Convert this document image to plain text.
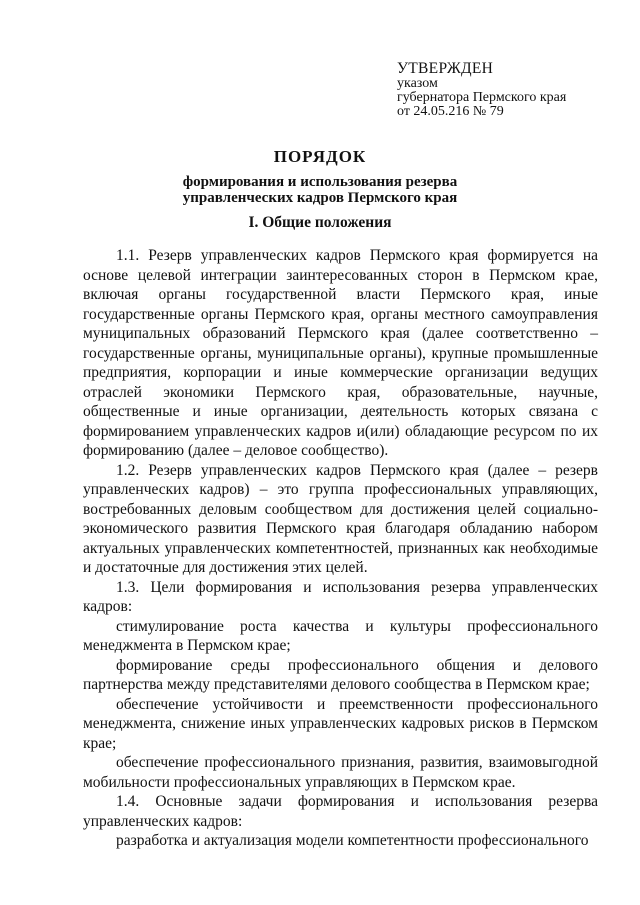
УТВЕРЖДЕН
указом
губернатора Пермского края
от 24.05.216 № 79
ПОРЯДОК
формирования и использования резерва
управленческих кадров Пермского края
I. Общие положения

1.1. Резерв управленческих кадров Пермского края формируется на основе целевой интеграции заинтересованных сторон в Пермском крае, включая органы государственной власти Пермского края, иные государственные органы Пермского края, органы местного самоуправления муниципальных образований Пермского края (далее соответственно – государственные органы, муниципальные органы), крупные промышленные предприятия, корпорации и иные коммерческие организации ведущих отраслей экономики Пермского края, образовательные, научные, общественные и иные организации, деятельность которых связана с формированием управленческих кадров и(или) обладающие ресурсом по их формированию (далее – деловое сообщество).

1.2. Резерв управленческих кадров Пермского края (далее – резерв управленческих кадров) – это группа профессиональных управляющих, востребованных деловым сообществом для достижения целей социально-экономического развития Пермского края благодаря обладанию набором актуальных управленческих компетентностей, признанных как необходимые и достаточные для достижения этих целей.

1.3. Цели формирования и использования резерва управленческих кадров:

стимулирование роста качества и культуры профессионального менеджмента в Пермском крае;

формирование среды профессионального общения и делового партнерства между представителями делового сообщества в Пермском крае;

обеспечение устойчивости и преемственности профессионального менеджмента, снижение иных управленческих кадровых рисков в Пермском крае;

обеспечение профессионального признания, развития, взаимовыгодной мобильности профессиональных управляющих в Пермском крае.

1.4. Основные задачи формирования и использования резерва управленческих кадров:

разработка и актуализация модели компетентности профессионального
